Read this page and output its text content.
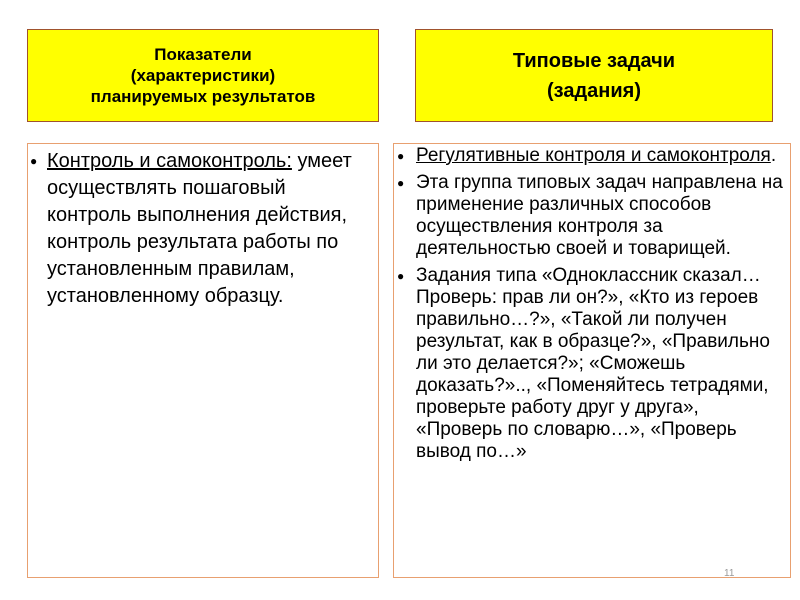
Показатели
(характеристики)
планируемых результатов
Типовые задачи
(задания)
● Контроль и самоконтроль: умеет осуществлять пошаговый контроль выполнения действия, контроль результата работы по установленным правилам, установленному образцу.
● Регулятивные контроля и самоконтроля.
● Эта группа типовых задач направлена на применение различных способов осуществления контроля за деятельностью своей и товарищей.
● Задания типа «Одноклассник сказал… Проверь: прав ли он?», «Кто из героев правильно…?», «Такой ли получен результат, как в образце?», «Правильно ли это делается?»; «Сможешь доказать?».., «Поменяйтесь тетрадями, проверьте работу друг у друга», «Проверь по словарю…», «Проверь вывод по…»
11
